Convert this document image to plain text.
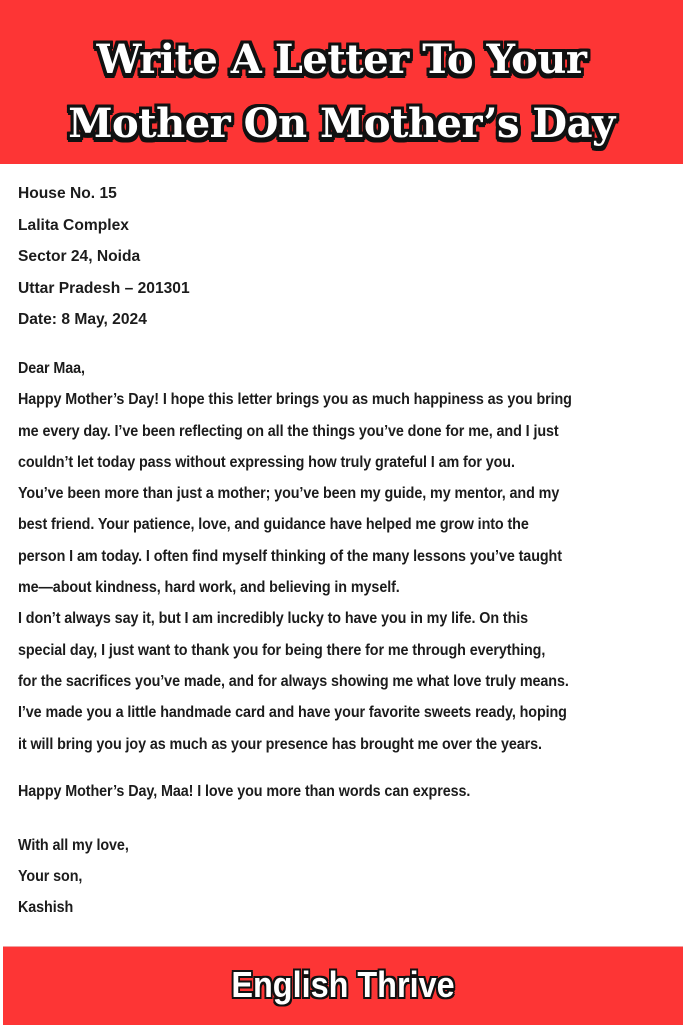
Write A Letter To Your
Mother On Mother’s Day
House No. 15
Lalita Complex
Sector 24, Noida
Uttar Pradesh – 201301
Date: 8 May, 2024
Dear Maa,
Happy Mother’s Day! I hope this letter brings you as much happiness as you bring
me every day. I’ve been reflecting on all the things you’ve done for me, and I just
couldn’t let today pass without expressing how truly grateful I am for you.
You’ve been more than just a mother; you’ve been my guide, my mentor, and my
best friend. Your patience, love, and guidance have helped me grow into the
person I am today. I often find myself thinking of the many lessons you’ve taught
me—about kindness, hard work, and believing in myself.
I don’t always say it, but I am incredibly lucky to have you in my life. On this
special day, I just want to thank you for being there for me through everything,
for the sacrifices you’ve made, and for always showing me what love truly means.
I’ve made you a little handmade card and have your favorite sweets ready, hoping
it will bring you joy as much as your presence has brought me over the years.
Happy Mother’s Day, Maa! I love you more than words can express.
With all my love,
Your son,
Kashish
English Thrive
